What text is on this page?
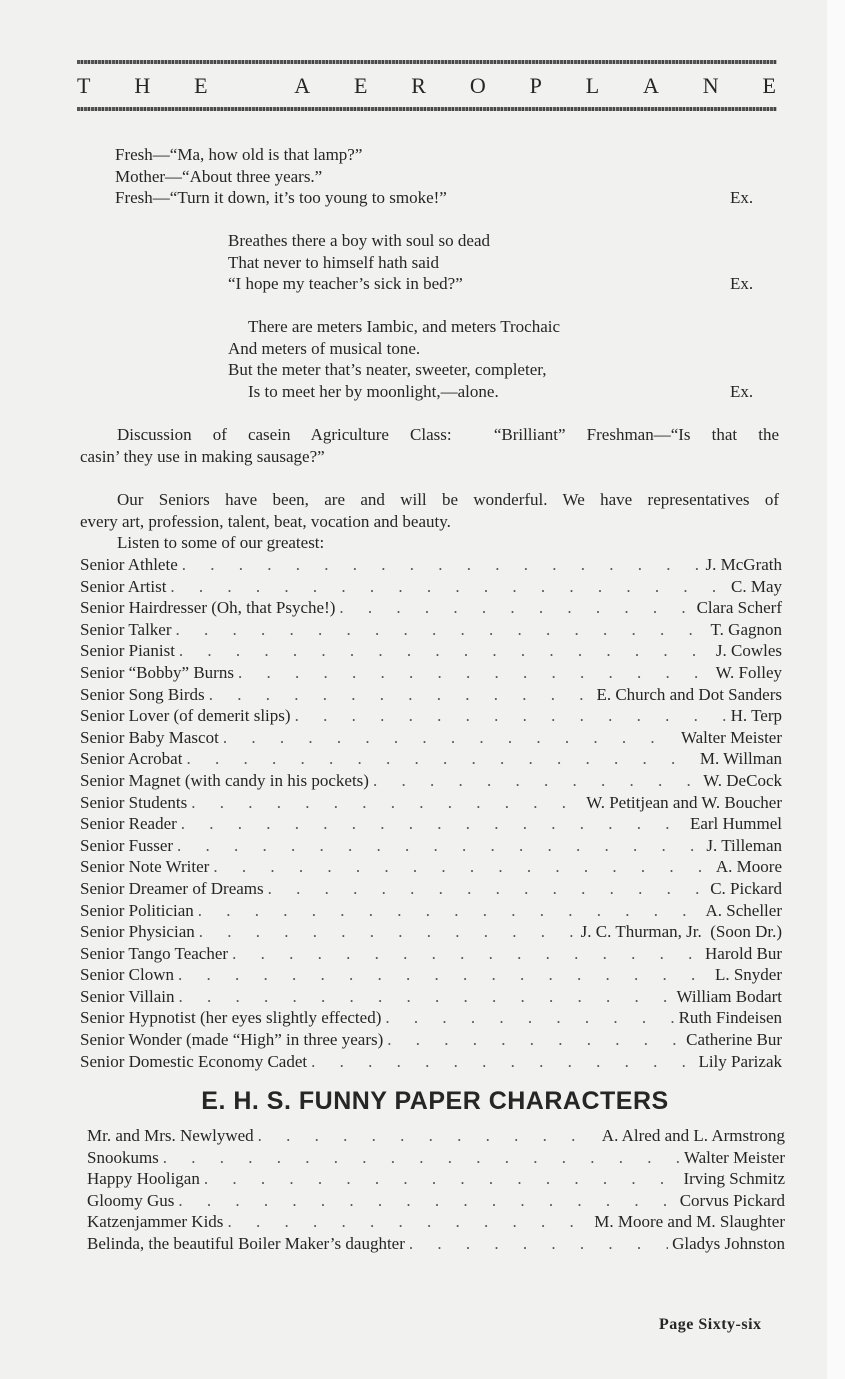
T H E	A E R O P L A N E
Fresh—“Ma, how old is that lamp?”
Mother—“About three years.”
Fresh—“Turn it down, it’s too young to smoke!”	Ex.
Breathes there a boy with soul so dead
That never to himself hath said
“I hope my teacher’s sick in bed?”	Ex.
There are meters Iambic, and meters Trochaic
And meters of musical tone.
But the meter that’s neater, sweeter, completer,
Is to meet her by moonlight,—alone.	Ex.
Discussion of casein Agriculture Class:  “Brilliant” Freshman—“Is that the
casin’ they use in making sausage?”
Our Seniors have been, are and will be wonderful. We have representatives of
every art, profession, talent, beat, vocation and beauty.
Listen to some of our greatest:
Senior Athlete . . .	J. McGrath
Senior Artist . . .	C. May
Senior Hairdresser (Oh, that Psyche!) . . .	Clara Scherf
Senior Talker . . .	T. Gagnon
Senior Pianist . . .	J. Cowles
Senior “Bobby” Burns . . .	W. Folley
Senior Song Birds . . .	E. Church and Dot Sanders
Senior Lover (of demerit slips) . . .	H. Terp
Senior Baby Mascot . . .	Walter Meister
Senior Acrobat . . .	M. Willman
Senior Magnet (with candy in his pockets) . . .	W. DeCock
Senior Students . . .	W. Petitjean and W. Boucher
Senior Reader . . .	Earl Hummel
Senior Fusser . . .	J. Tilleman
Senior Note Writer . . .	A. Moore
Senior Dreamer of Dreams . . .	C. Pickard
Senior Politician . . .	A. Scheller
Senior Physician . . .	J. C. Thurman, Jr.  (Soon Dr.)
Senior Tango Teacher . . .	Harold Bur
Senior Clown . . .	L. Snyder
Senior Villain . . .	William Bodart
Senior Hypnotist (her eyes slightly effected) . . .	Ruth Findeisen
Senior Wonder (made “High” in three years) . . .	Catherine Bur
Senior Domestic Economy Cadet . . .	Lily Parizak
E. H. S. FUNNY PAPER CHARACTERS
Mr. and Mrs. Newlywed . . .	A. Alred and L. Armstrong
Snookums . . .	Walter Meister
Happy Hooligan . . .	Irving Schmitz
Gloomy Gus . . .	Corvus Pickard
Katzenjammer Kids . . .	M. Moore and M. Slaughter
Belinda, the beautiful Boiler Maker’s daughter . . .	Gladys Johnston
Page Sixty-six
